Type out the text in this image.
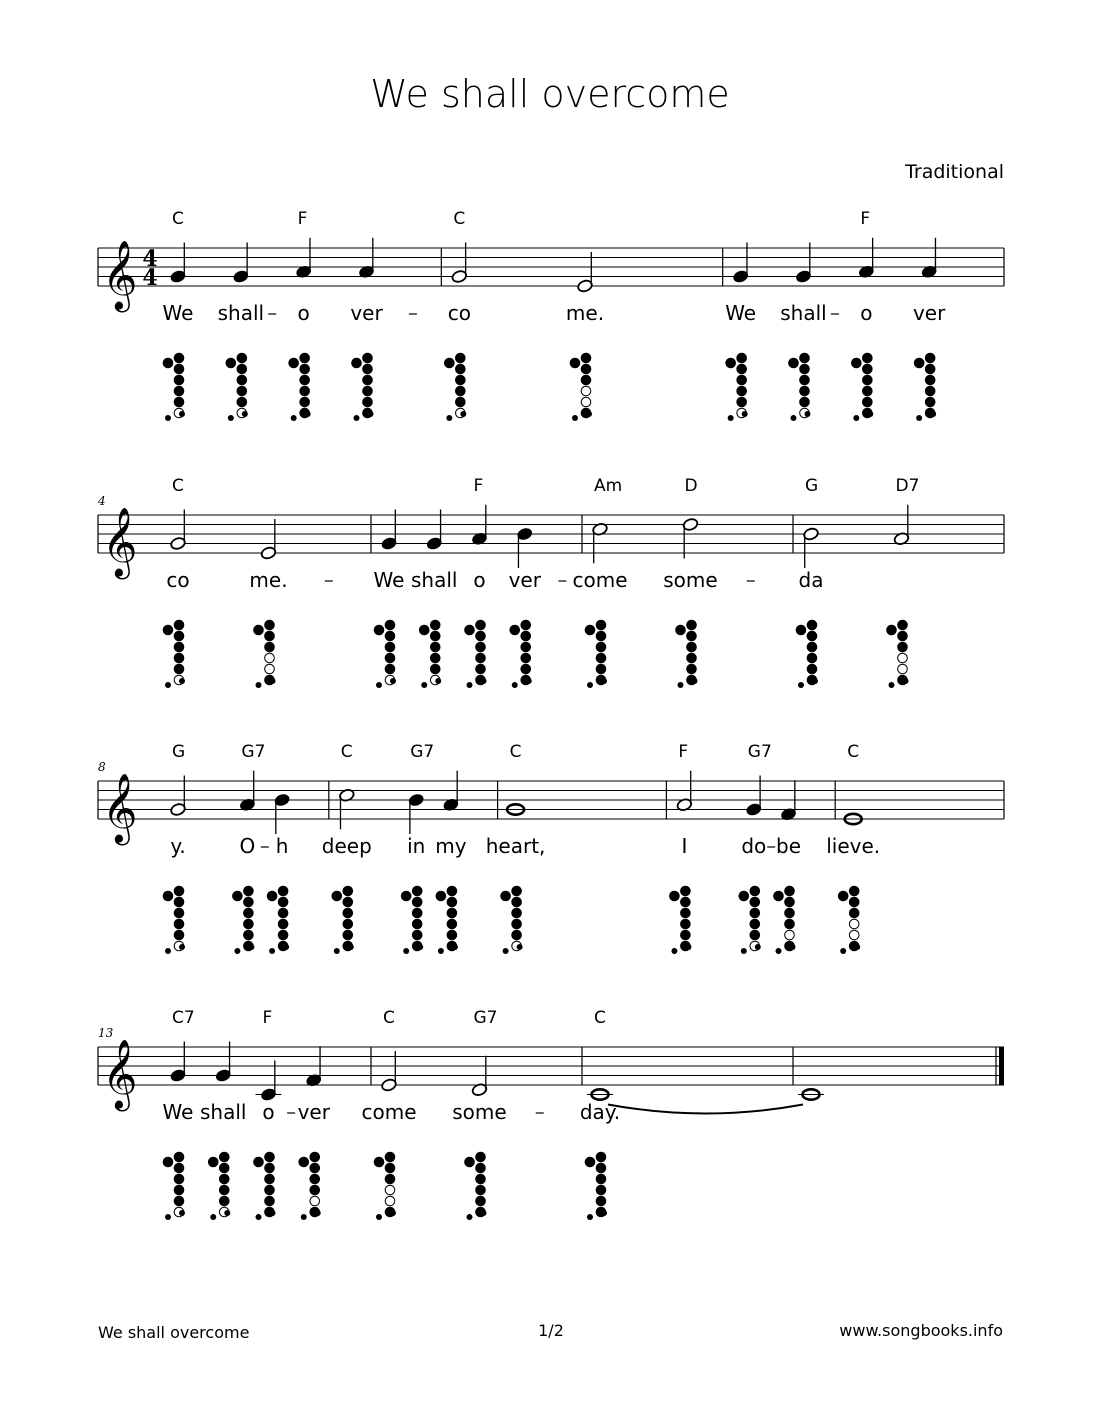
We shall overcome
Traditional
𝄞 4
4
C
We shall
F
o ver
C
co	me.	We shall
F
o ver
𝄞
4
C
co	me.	We shall
F
o ver
Am
come
D
some
G
da
D7
𝄞
8
G
y.
G7
O h
C
deep
G7
in my
C
heart,
F
I
G7
do be
C
lieve.
𝄞
13
C7
We shall
F
o ver
C
come
G7
some
C
day.
We shall overcome	1/2	www.songbooks.info
